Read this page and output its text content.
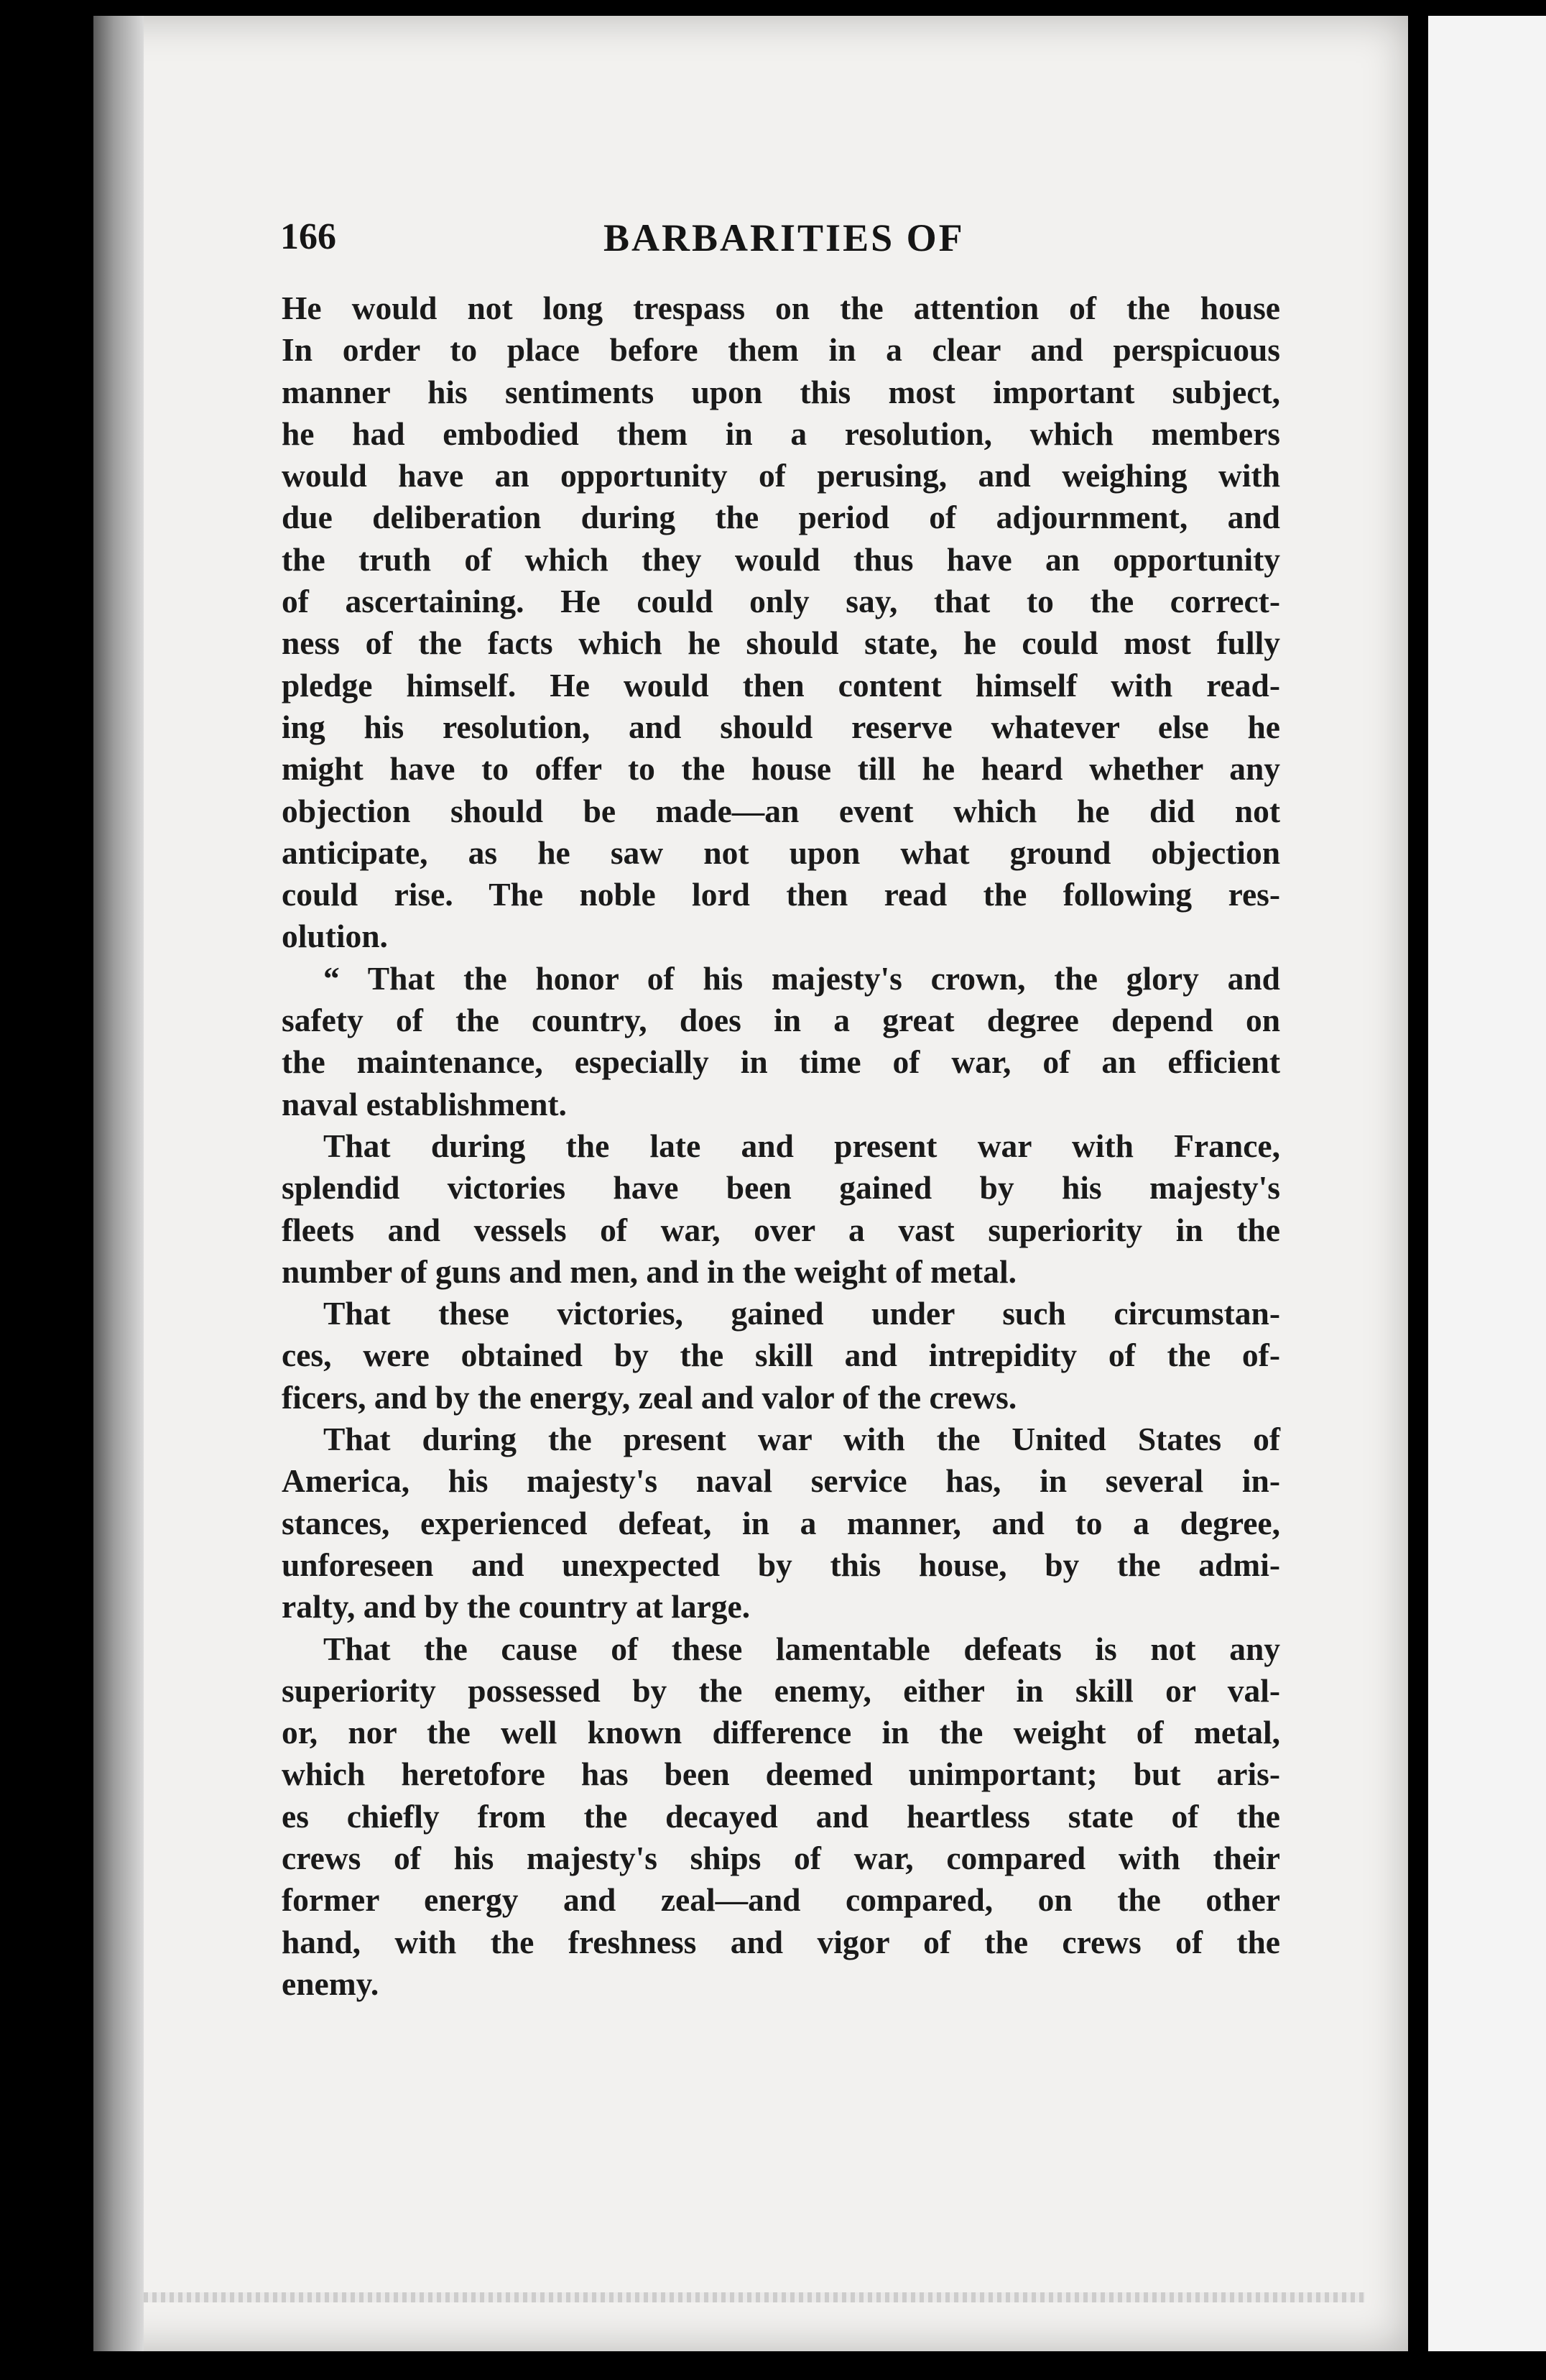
166	BARBARITIES OF
He would not long trespass on the attention of the house
In order to place before them in a clear and perspicuous
manner his sentiments upon this most important subject,
he had embodied them in a resolution, which members
would have an opportunity of perusing, and weighing with
due deliberation during the period of adjournment, and
the truth of which they would thus have an opportunity
of ascertaining. He could only say, that to the correct-
ness of the facts which he should state, he could most fully
pledge himself. He would then content himself with read-
ing his resolution, and should reserve whatever else he
might have to offer to the house till he heard whether any
objection should be made—an event which he did not
anticipate, as he saw not upon what ground objection
could rise. The noble lord then read the following res-
olution.
“ That the honor of his majesty's crown, the glory and
safety of the country, does in a great degree depend on
the maintenance, especially in time of war, of an efficient
naval establishment.
That during the late and present war with France,
splendid victories have been gained by his majesty's
fleets and vessels of war, over a vast superiority in the
number of guns and men, and in the weight of metal.
That these victories, gained under such circumstan-
ces, were obtained by the skill and intrepidity of the of-
ficers, and by the energy, zeal and valor of the crews.
That during the present war with the United States of
America, his majesty's naval service has, in several in-
stances, experienced defeat, in a manner, and to a degree,
unforeseen and unexpected by this house, by the admi-
ralty, and by the country at large.
That the cause of these lamentable defeats is not any
superiority possessed by the enemy, either in skill or val-
or, nor the well known difference in the weight of metal,
which heretofore has been deemed unimportant; but aris-
es chiefly from the decayed and heartless state of the
crews of his majesty's ships of war, compared with their
former energy and zeal—and compared, on the other
hand, with the freshness and vigor of the crews of the
enemy.
